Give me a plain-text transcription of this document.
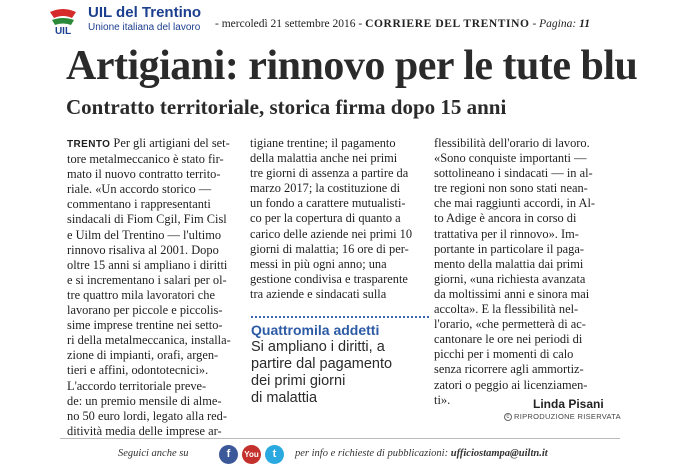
UIL
UIL del Trentino
Unione italiana del lavoro - mercoledì 21 settembre 2016 - CORRIERE DEL TRENTINO - Pagina: 11
Artigiani: rinnovo per le tute blu
Contratto territoriale, storica firma dopo 15 anni
TRENTO Per gli artigiani del set-
tore metalmeccanico è stato fir-
mato il nuovo contratto territo-
riale. «Un accordo storico —
commentano i rappresentanti
sindacali di Fiom Cgil, Fim Cisl
e Uilm del Trentino — l'ultimo
rinnovo risaliva al 2001. Dopo
oltre 15 anni si ampliano i diritti
e si incrementano i salari per ol-
tre quattro mila lavoratori che
lavorano per piccole e piccolis-
sime imprese trentine nei setto-
ri della metalmeccanica, installa-
zione di impianti, orafi, argen-
tieri e affini, odontotecnici».
L'accordo territoriale preve-
de: un premio mensile di almе-
no 50 euro lordi, legato alla red-
ditività media delle imprese ar-
tigiane trentine; il pagamento
della malattia anche nei primi
tre giorni di assenza a partire da
marzo 2017; la costituzione di
un fondo a carattere mutualisti-
co per la copertura di quanto a
carico delle aziende nei primi 10
giorni di malattia; 16 ore di per-
messi in più ogni anno; una
gestione condivisa e trasparente
tra aziende e sindacati sulla
flessibilità dell'orario di lavoro.
«Sono conquiste importanti —
sottolineano i sindacati — in al-
tre regioni non sono stati nean-
che mai raggiunti accordi, in Al-
to Adige è ancora in corso di
trattativa per il rinnovo». Im-
portante in particolare il paga-
mento della malattia dai primi
giorni, «una richiesta avanzata
da moltissimi anni e sinora mai
accolta». E la flessibilità nel-
l'orario, «che permetterà di ac-
cantonare le ore nei periodi di
picchi per i momenti di calo
senza ricorrere agli ammortiz-
zatori o peggio ai licenziamen-
ti».
Quattromila addetti
Si ampliano i diritti, a
partire dal pagamento
dei primi giorni
di malattia	Linda Pisani
c RIPRODUZIONE RISERVATA
Seguici anche su	f	You	t	per info e richieste di pubblicazioni: ufficiostampa@uiltn.it
